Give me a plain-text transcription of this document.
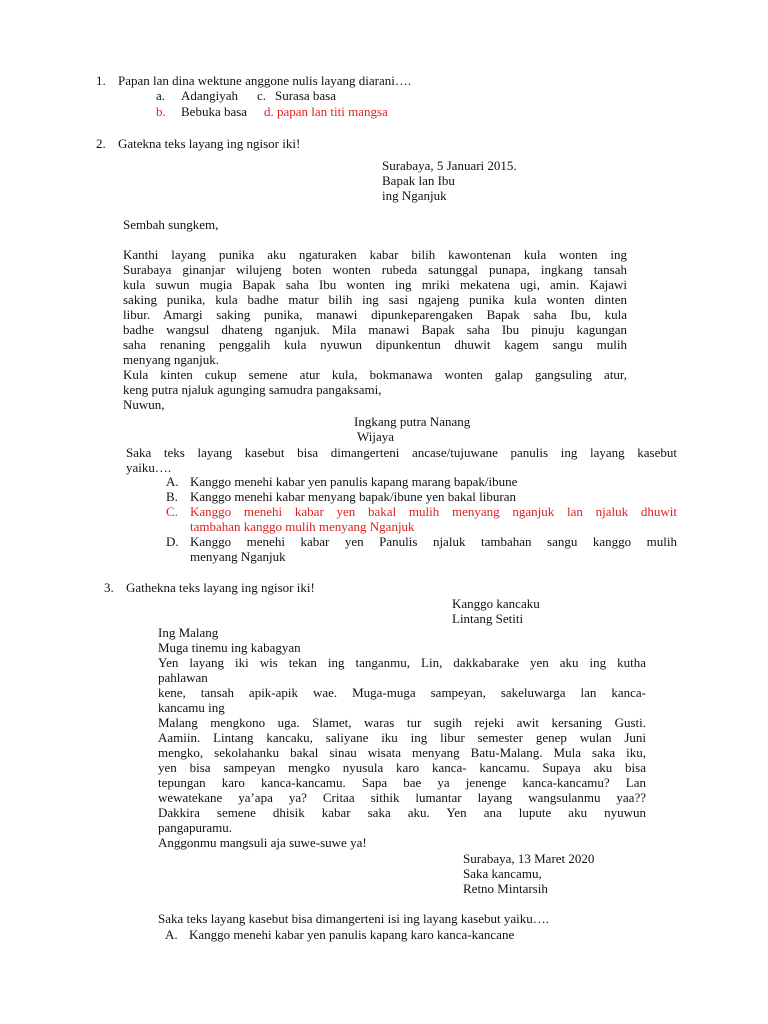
1. Papan lan dina wektune anggone nulis layang diarani….
a. Adangiyah c. Surasa basa
b. Bebuka basa d. papan lan titi mangsa
2. Gatekna teks layang ing ngisor iki!
Surabaya, 5 Januari 2015.
Bapak lan Ibu
ing Nganjuk
Sembah sungkem,
Kanthi layang punika aku ngaturaken kabar bilih kawontenan kula wonten ing
Surabaya ginanjar wilujeng boten wonten rubeda satunggal punapa, ingkang tansah
kula suwun mugia Bapak saha Ibu wonten ing mriki mekatena ugi, amin. Kajawi
saking punika, kula badhe matur bilih ing sasi ngajeng punika kula wonten dinten
libur. Amargi saking punika, manawi dipunkeparengaken Bapak saha Ibu, kula
badhe wangsul dhateng nganjuk. Mila manawi Bapak saha Ibu pinuju kagungan
saha renaning penggalih kula nyuwun dipunkentun dhuwit kagem sangu mulih
menyang nganjuk.
Kula kinten cukup semene atur kula, bokmanawa wonten galap gangsuling atur,
keng putra njaluk agunging samudra pangaksami,
Nuwun,
Ingkang putra Nanang
Wijaya
Saka teks layang kasebut bisa dimangerteni ancase/tujuwane panulis ing layang kasebut
yaiku….
A. Kanggo menehi kabar yen panulis kapang marang bapak/ibune
B. Kanggo menehi kabar menyang bapak/ibune yen bakal liburan
C. Kanggo menehi kabar yen bakal mulih menyang nganjuk lan njaluk dhuwit
tambahan kanggo mulih menyang Nganjuk
D. Kanggo menehi kabar yen Panulis njaluk tambahan sangu kanggo mulih
menyang Nganjuk
3. Gathekna teks layang ing ngisor iki!
Kanggo kancaku
Lintang Setiti
Ing Malang
Muga tinemu ing kabagyan
Yen layang iki wis tekan ing tanganmu, Lin, dakkabarake yen aku ing kutha
pahlawan
kene, tansah apik-apik wae. Muga-muga sampeyan, sakeluwarga lan kanca-
kancamu ing
Malang mengkono uga. Slamet, waras tur sugih rejeki awit kersaning Gusti.
Aamiin. Lintang kancaku, saliyane iku ing libur semester genep wulan Juni
mengko, sekolahanku bakal sinau wisata menyang Batu-Malang. Mula saka iku,
yen bisa sampeyan mengko nyusula karo kanca- kancamu. Supaya aku bisa
tepungan karo kanca-kancamu. Sapa bae ya jenenge kanca-kancamu? Lan
wewatekane ya’apa ya? Critaa sithik lumantar layang wangsulanmu yaa??
Dakkira semene dhisik kabar saka aku. Yen ana lupute aku nyuwun
pangapuramu.
Anggonmu mangsuli aja suwe-suwe ya!
Surabaya, 13 Maret 2020
Saka kancamu,
Retno Mintarsih
Saka teks layang kasebut bisa dimangerteni isi ing layang kasebut yaiku….
A. Kanggo menehi kabar yen panulis kapang karo kanca-kancane
